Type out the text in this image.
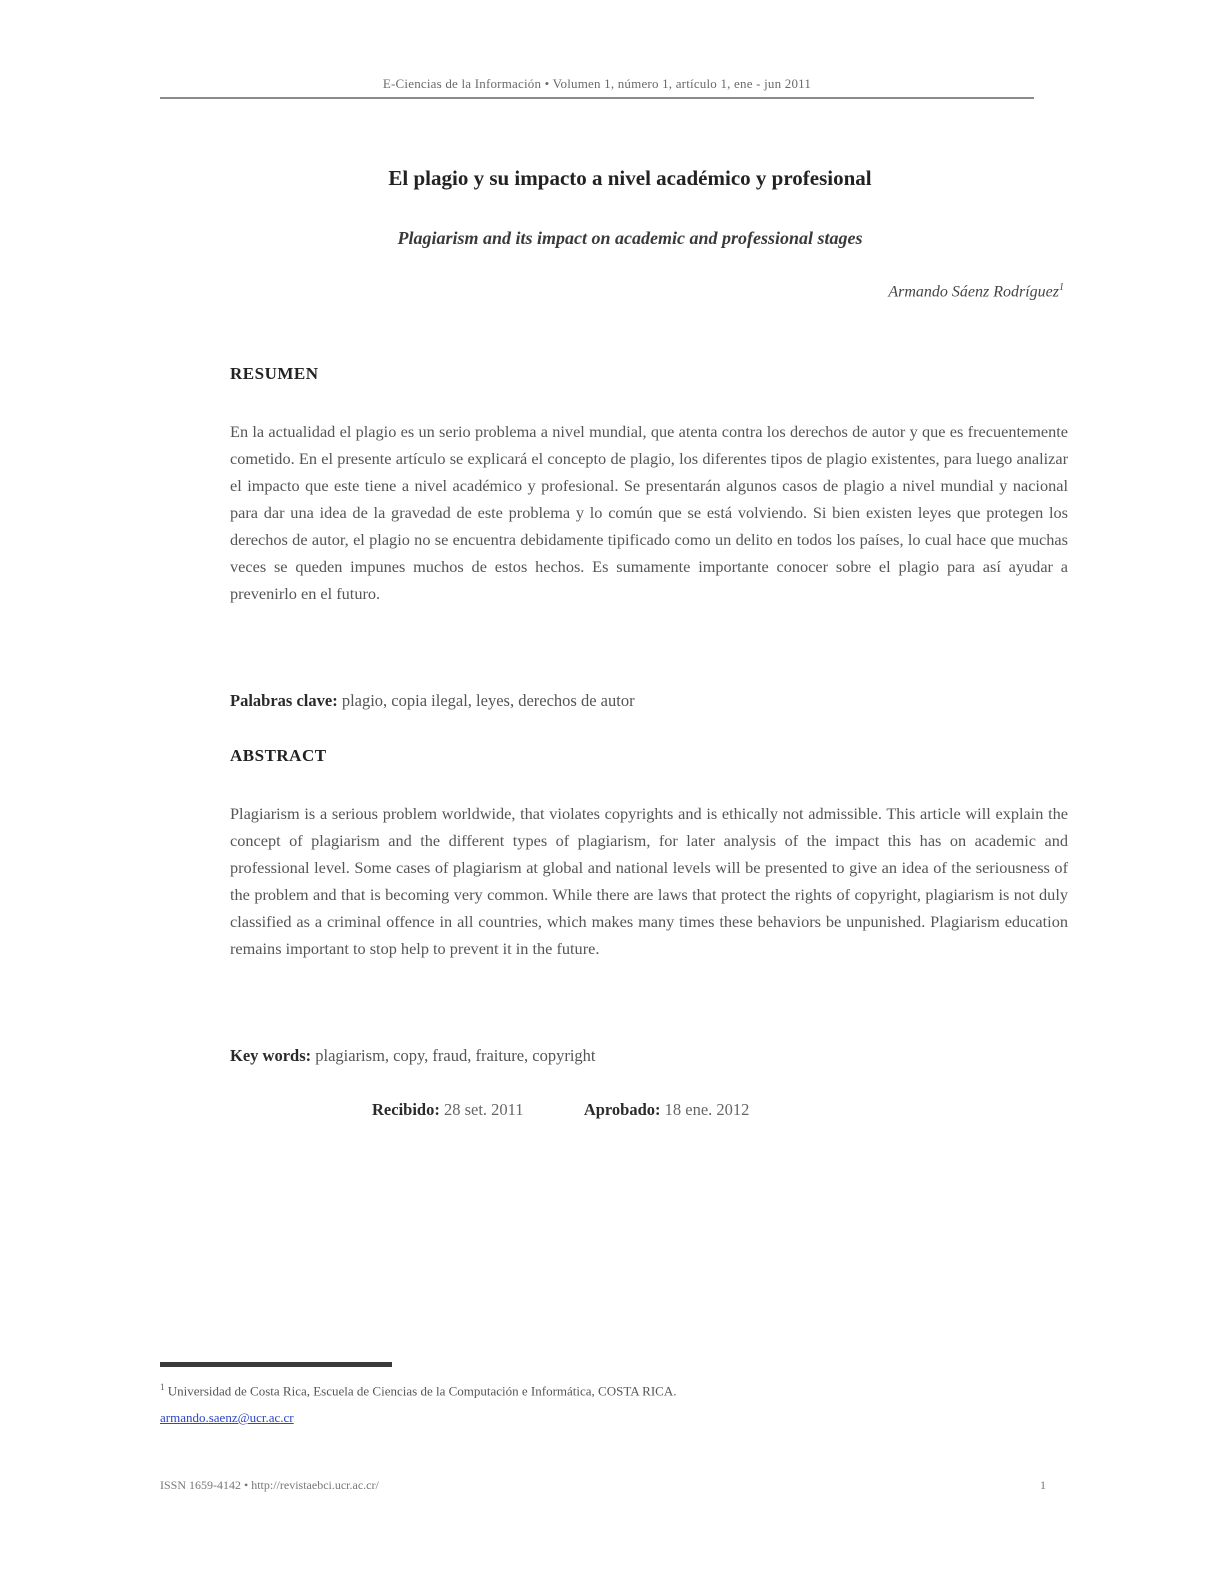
E-Ciencias de la Información • Volumen 1, número 1, artículo 1, ene - jun 2011
El plagio y su impacto a nivel académico y profesional
Plagiarism and its impact on academic and professional stages
Armando Sáenz Rodríguez$^1$
RESUMEN
En la actualidad el plagio es un serio problema a nivel mundial, que atenta contra los derechos de autor y que es frecuentemente cometido. En el presente artículo se explicará el concepto de plagio, los diferentes tipos de plagio existentes, para luego analizar el impacto que este tiene a nivel académico y profesional. Se presentarán algunos casos de plagio a nivel mundial y nacional para dar una idea de la gravedad de este problema y lo común que se está volviendo. Si bien existen leyes que protegen los derechos de autor, el plagio no se encuentra debidamente tipificado como un delito en todos los países, lo cual hace que muchas veces se queden impunes muchos de estos hechos. Es sumamente importante conocer sobre el plagio para así ayudar a prevenirlo en el futuro.
Palabras clave: plagio, copia ilegal, leyes, derechos de autor
ABSTRACT
Plagiarism is a serious problem worldwide, that violates copyrights and is ethically not admissible. This article will explain the concept of plagiarism and the different types of plagiarism, for later analysis of the impact this has on academic and professional level. Some cases of plagiarism at global and national levels will be presented to give an idea of the seriousness of the problem and that is becoming very common. While there are laws that protect the rights of copyright, plagiarism is not duly classified as a criminal offence in all countries, which makes many times these behaviors be unpunished. Plagiarism education remains important to stop help to prevent it in the future.
Key words: plagiarism, copy, fraud, fraiture, copyright
Recibido: 28 set. 2011	Aprobado: 18 ene. 2012
$^1$ Universidad de Costa Rica, Escuela de Ciencias de la Computación e Informática, COSTA RICA.
armando.saenz@ucr.ac.cr
ISSN 1659-4142 • http://revistaebci.ucr.ac.cr/	1
